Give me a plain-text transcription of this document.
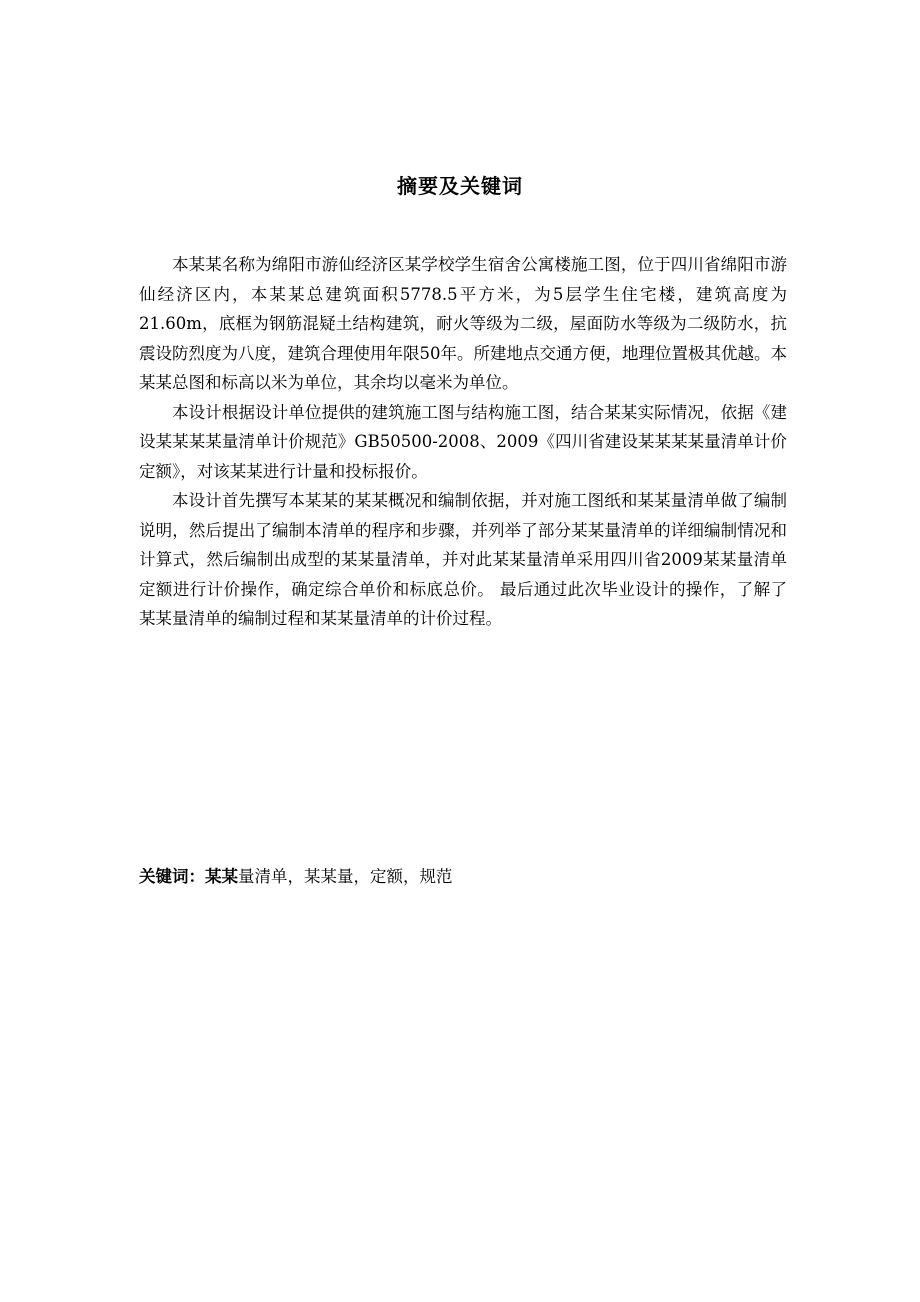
摘要及关键词

本某某名称为绵阳市游仙经济区某学校学生宿舍公寓楼施工图，位于四川省绵阳市游仙经济区内，本某某总建筑面积5778.5平方米，为5层学生住宅楼，建筑高度为21.60m，底框为钢筋混疑土结构建筑，耐火等级为二级，屋面防水等级为二级防水，抗震设防烈度为八度，建筑合理使用年限50年。所建地点交通方便，地理位置极其优越。本某某总图和标高以米为单位，其余均以毫米为单位。

本设计根据设计单位提供的建筑施工图与结构施工图，结合某某实际情况，依据《建设某某某某量清单计价规范》GB50500-2008、2009《四川省建设某某某某量清单计价定额》，对该某某进行计量和投标报价。

本设计首先撰写本某某的某某概况和编制依据，并对施工图纸和某某量清单做了编制说明，然后提出了编制本清单的程序和步骤，并列举了部分某某量清单的详细编制情况和计算式，然后编制出成型的某某量清单，并对此某某量清单采用四川省2009某某量清单定额进行计价操作，确定综合单价和标底总价。 最后通过此次毕业设计的操作，了解了某某量清单的编制过程和某某量清单的计价过程。

关键词：某某量清单，某某量，定额，规范
